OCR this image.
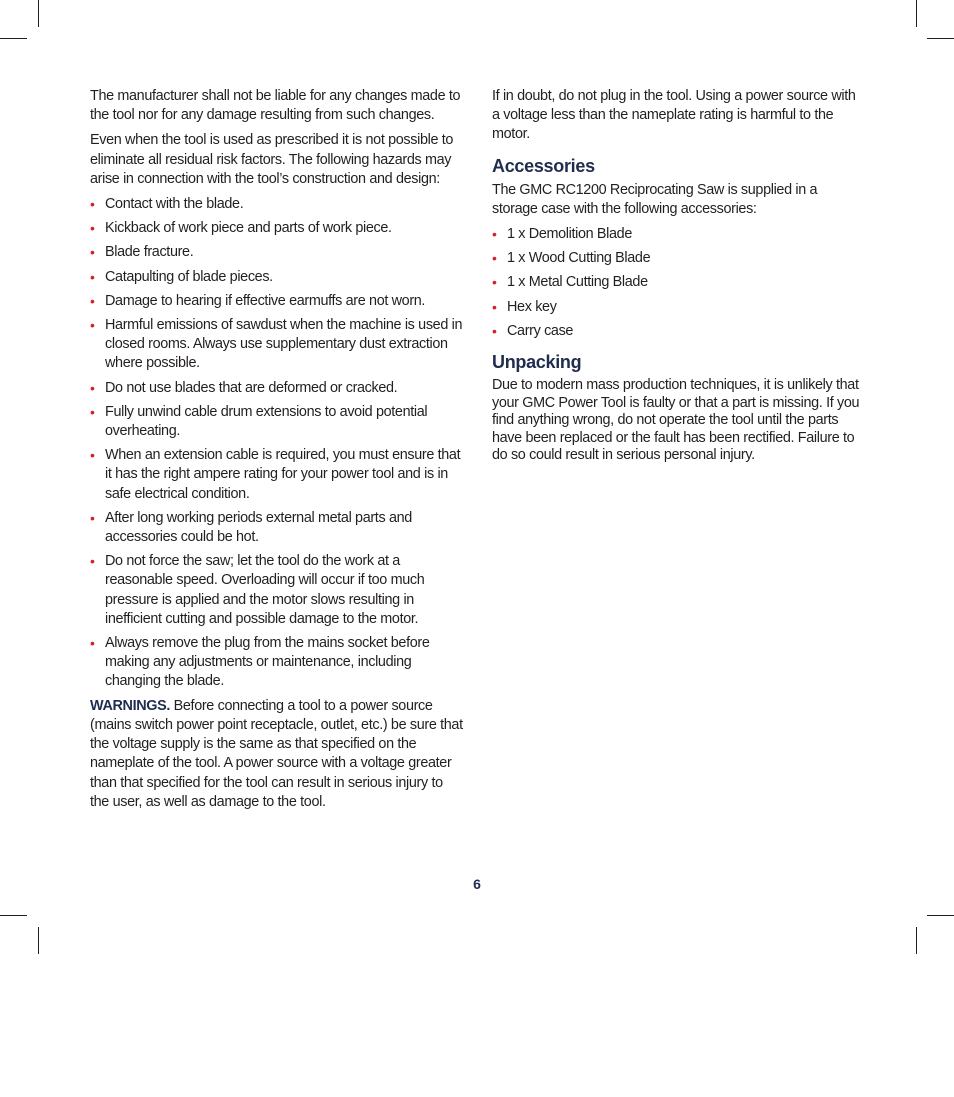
The manufacturer shall not be liable for any changes made to the tool nor for any damage resulting from such changes.

Even when the tool is used as prescribed it is not possible to eliminate all residual risk factors. The following hazards may arise in connection with the tool’s construction and design:

• Contact with the blade.
• Kickback of work piece and parts of work piece.
• Blade fracture.
• Catapulting of blade pieces.
• Damage to hearing if effective earmuffs are not worn.
• Harmful emissions of sawdust when the machine is used in closed rooms. Always use supplementary dust extraction where possible.
• Do not use blades that are deformed or cracked.
• Fully unwind cable drum extensions to avoid potential overheating.
• When an extension cable is required, you must ensure that it has the right ampere rating for your power tool and is in safe electrical condition.
• After long working periods external metal parts and accessories could be hot.
• Do not force the saw; let the tool do the work at a reasonable speed. Overloading will occur if too much pressure is applied and the motor slows resulting in inefficient cutting and possible damage to the motor.
• Always remove the plug from the mains socket before making any adjustments or maintenance, including changing the blade.

WARNINGS. Before connecting a tool to a power source (mains switch power point receptacle, outlet, etc.) be sure that the voltage supply is the same as that specified on the nameplate of the tool. A power source with a voltage greater than that specified for the tool can result in serious injury to the user, as well as damage to the tool.

If in doubt, do not plug in the tool. Using a power source with a voltage less than the nameplate rating is harmful to the motor.

Accessories

The GMC RC1200 Reciprocating Saw is supplied in a storage case with the following accessories:

• 1 x Demolition Blade
• 1 x Wood Cutting Blade
• 1 x Metal Cutting Blade
• Hex key
• Carry case
Unpacking

Due to modern mass production techniques, it is unlikely that your GMC Power Tool is faulty or that a part is missing. If you find anything wrong, do not operate the tool until the parts have been replaced or the fault has been rectified. Failure to do so could result in serious personal injury.

6
